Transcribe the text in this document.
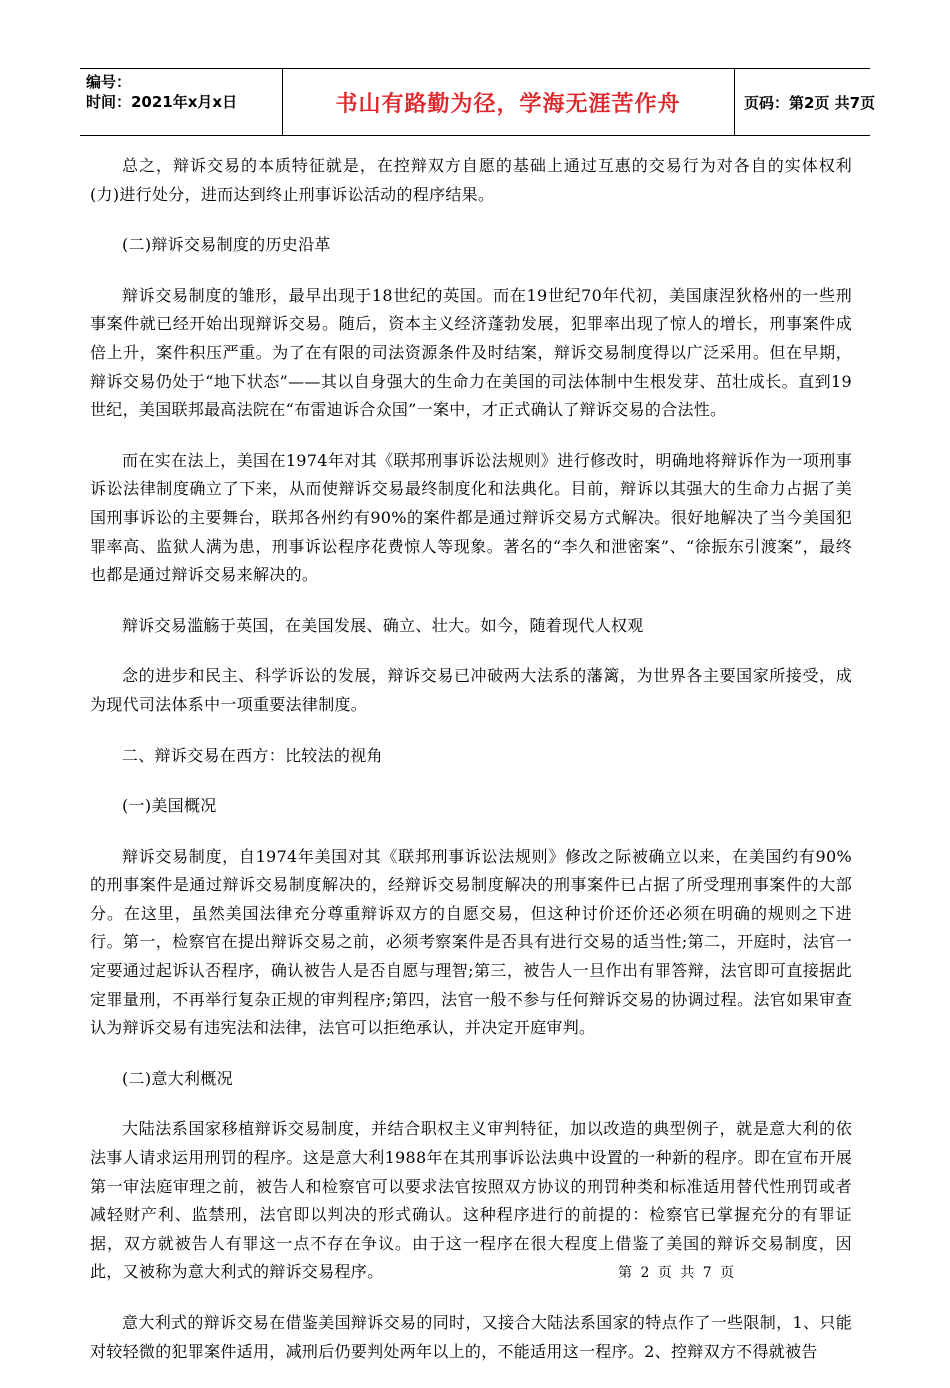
编号：
时间：2021年x月x日	书山有路勤为径，学海无涯苦作舟	页码：第2页 共7页

总之，辩诉交易的本质特征就是，在控辩双方自愿的基础上通过互惠的交易行为对各自的实体权利(力)进行处分，进而达到终止刑事诉讼活动的程序结果。

(二)辩诉交易制度的历史沿革

辩诉交易制度的雏形，最早出现于18世纪的英国。而在19世纪70年代初，美国康涅狄格州的一些刑事案件就已经开始出现辩诉交易。随后，资本主义经济蓬勃发展，犯罪率出现了惊人的增长，刑事案件成倍上升，案件积压严重。为了在有限的司法资源条件及时结案，辩诉交易制度得以广泛采用。但在早期，辩诉交易仍处于“地下状态”——其以自身强大的生命力在美国的司法体制中生根发芽、茁壮成长。直到19世纪，美国联邦最高法院在“布雷迪诉合众国”一案中，才正式确认了辩诉交易的合法性。

而在实在法上，美国在1974年对其《联邦刑事诉讼法规则》进行修改时，明确地将辩诉作为一项刑事诉讼法律制度确立了下来，从而使辩诉交易最终制度化和法典化。目前，辩诉以其强大的生命力占据了美国刑事诉讼的主要舞台，联邦各州约有90%的案件都是通过辩诉交易方式解决。很好地解决了当今美国犯罪率高、监狱人满为患，刑事诉讼程序花费惊人等现象。著名的“李久和泄密案”、“徐振东引渡案”，最终也都是通过辩诉交易来解决的。

辩诉交易滥觞于英国，在美国发展、确立、壮大。如今，随着现代人权观

念的进步和民主、科学诉讼的发展，辩诉交易已冲破两大法系的藩篱，为世界各主要国家所接受，成为现代司法体系中一项重要法律制度。

二、辩诉交易在西方：比较法的视角

(一)美国概况

辩诉交易制度，自1974年美国对其《联邦刑事诉讼法规则》修改之际被确立以来，在美国约有90%的刑事案件是通过辩诉交易制度解决的，经辩诉交易制度解决的刑事案件已占据了所受理刑事案件的大部分。在这里，虽然美国法律充分尊重辩诉双方的自愿交易，但这种讨价还价还必须在明确的规则之下进行。第一，检察官在提出辩诉交易之前，必须考察案件是否具有进行交易的适当性;第二，开庭时，法官一定要通过起诉认否程序，确认被告人是否自愿与理智;第三，被告人一旦作出有罪答辩，法官即可直接据此定罪量刑，不再举行复杂正规的审判程序;第四，法官一般不参与任何辩诉交易的协调过程。法官如果审查认为辩诉交易有违宪法和法律，法官可以拒绝承认，并决定开庭审判。

(二)意大利概况

大陆法系国家移植辩诉交易制度，并结合职权主义审判特征，加以改造的典型例子，就是意大利的依法事人请求运用刑罚的程序。这是意大利1988年在其刑事诉讼法典中设置的一种新的程序。即在宣布开展第一审法庭审理之前，被告人和检察官可以要求法官按照双方协议的刑罚种类和标准适用替代性刑罚或者减轻财产利、监禁刑，法官即以判决的形式确认。这种程序进行的前提的：检察官已掌握充分的有罪证据，双方就被告人有罪这一点不存在争议。由于这一程序在很大程度上借鉴了美国的辩诉交易制度，因此，又被称为意大利式的辩诉交易程序。

意大利式的辩诉交易在借鉴美国辩诉交易的同时，又接合大陆法系国家的特点作了一些限制，1、只能对较轻微的犯罪案件适用，减刑后仍要判处两年以上的，不能适用这一程序。2、控辩双方不得就被告

第 2 页 共 7 页
